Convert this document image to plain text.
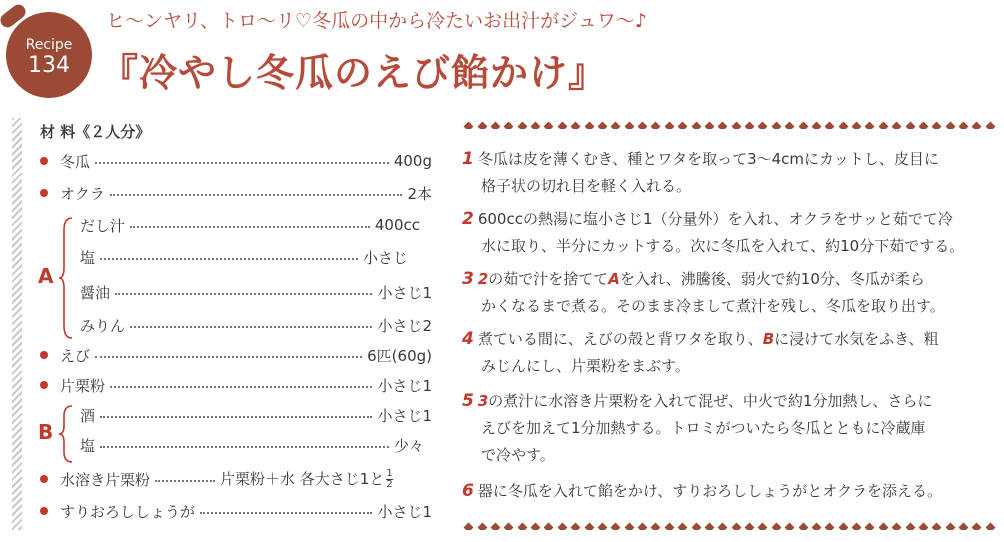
Recipe
134
ヒ〜ンヤリ、トロ〜リ♡冬瓜の中から冷たいお出汁がジュワ〜♪
『冷やし冬瓜のえび餡かけ』
材 料《２人分》
冬瓜	400g
オクラ	2本
A
だし汁	400cc
塩	小さじ
醤油	小さじ1
みりん	小さじ2
えび	6匹(60g)
片栗粉	小さじ1
B
酒	小さじ1
塩	少々
水溶き片栗粉	片栗粉＋水 各大さじ1と $\frac{1}{2}$
すりおろししょうが	小さじ1
1 冬瓜は皮を薄くむき、種とワタを取って3〜4cmにカットし、皮目に
格子状の切れ目を軽く入れる。
2 600ccの熱湯に塩小さじ1（分量外）を入れ、オクラをサッと茹でて冷
水に取り、半分にカットする。次に冬瓜を入れて、約10分下茹でする。
3 2の茹で汁を捨ててAを入れ、沸騰後、弱火で約10分、冬瓜が柔ら
かくなるまで煮る。そのまま冷まして煮汁を残し、冬瓜を取り出す。
4 煮ている間に、えびの殻と背ワタを取り、Bに浸けて水気をふき、粗
みじんにし、片栗粉をまぶす。
5 3の煮汁に水溶き片栗粉を入れて混ぜ、中火で約1分加熱し、さらに
えびを加えて1分加熱する。トロミがついたら冬瓜とともに冷蔵庫
で冷やす。
6 器に冬瓜を入れて餡をかけ、すりおろししょうがとオクラを添える。
